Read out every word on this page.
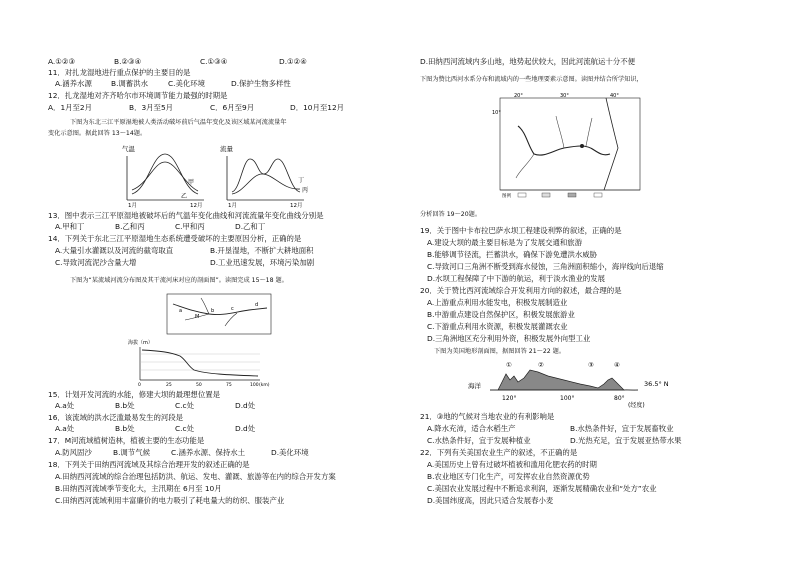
A.①②③	B.②③④	C.①③④	D.①②④
11．对扎龙湿地进行重点保护的主要目的是
A.涵养水源	B.调蓄洪水	C.美化环境	D.保护生物多样性
12．扎龙湿地对齐齐哈尔市环境调节能力最强的时期是
A．1月至2月	B．3月至5月	C．6月至9月	D．10月至12月
下图为东北三江平原湿地被人类活动破坏前后气温年变化及该区域某河流流量年
变化示意图。据此回答 13～14题。
气温
甲
乙
1月	12月
流量
丁
丙
1月	12月
13．图中表示三江平原湿地被破坏后的气温年变化曲线和河流流量年变化曲线分别是
A.甲和丁	B.乙和丙	C.甲和丙	D.乙和丁
14．下列关于东北三江平原湿地生态系统遭受破坏的主要原因分析，正确的是
A.大量引水灌溉以及河流的截弯取直	B.开垦湿地，不断扩大耕地面积
C.导致河流泥沙含量大增	D.工业迅速发展，环境污染加剧
下图为“某流域河流分布图及其干流河床对应的剖面图”。读图完成 15～18 题。
a
M
b	c
d
海拔（m）
0	25	50	75	100 (km)
15．计划开发河流的水能，修建大坝的最理想位置是
A.a处	B.b处	C.c处	D.d处
16．该流域的洪水泛滥最易发生的河段是
A.a处	B.b处	C.c处	D.d处
17．M河流域植树造林，植被主要的生态功能是
A.防风固沙	B.调节气候	C.涵养水源、保持水土	D.美化环境
18．下列关于田纳西河流域及其综合治理开发的叙述正确的是
A.田纳西河流域的综合治理包括防洪、航运、发电、灌溉、旅游等在内的综合开发方案
B.田纳西河流域季节变化大，主汛期在 6月至 10月
C.田纳西河流域利用丰富廉价的电力吸引了耗电量大的纺织、服装产业
D.田纳西河流域内多山地，地势起伏较大，因此河流航运十分不便
下图为赞比西河水系分布和流域内的一些地理要素示意图。读图并结合所学知识，
20°	30°	40°
10°
图例
分析回答 19～20题。
19．关于图中卡布拉巴萨水坝工程建设利弊的叙述，正确的是
A.建设大坝的最主要目标是为了发展交通和旅游
B.能够调节径流，拦蓄洪水，确保下游免遭洪水威胁
C.导致河口三角洲不断受到海水侵蚀，三角洲面积缩小，海岸线向后退缩
D.水坝工程保障了中下游的航运，利于淡水渔业的发展
20．关于赞比西河流域综合开发利用方向的叙述，最合理的是
A.上游重点利用水能发电，积极发展制造业
B.中游重点建设自然保护区，积极发展旅游业
C.下游重点利用水资源，积极发展灌溉农业
D.三角洲地区充分利用外资，积极发展外向型工业
下图为美国地形剖面图，据图回答 21～22 题。
①	②	③	④
海洋	36.5° N
120°	100°	80°
(经度)
21．③地的气候对当地农业的有利影响是
A.降水充沛，适合水稻生产	B.水热条件好，宜于发展畜牧业
C.水热条件好，宜于发展种植业	D.光热充足，宜于发展亚热带水果
22．下列有关美国农业生产的叙述，不正确的是
A.美国历史上曾有过破坏植被和滥用化肥农药的时期
B.农业地区专门化生产，可发挥农业自然资源优势
C.美国农业发展过程中不断追求利润，逐渐发展精确农业和“处方”农业
D.美国纬度高，因此只适合发展春小麦
